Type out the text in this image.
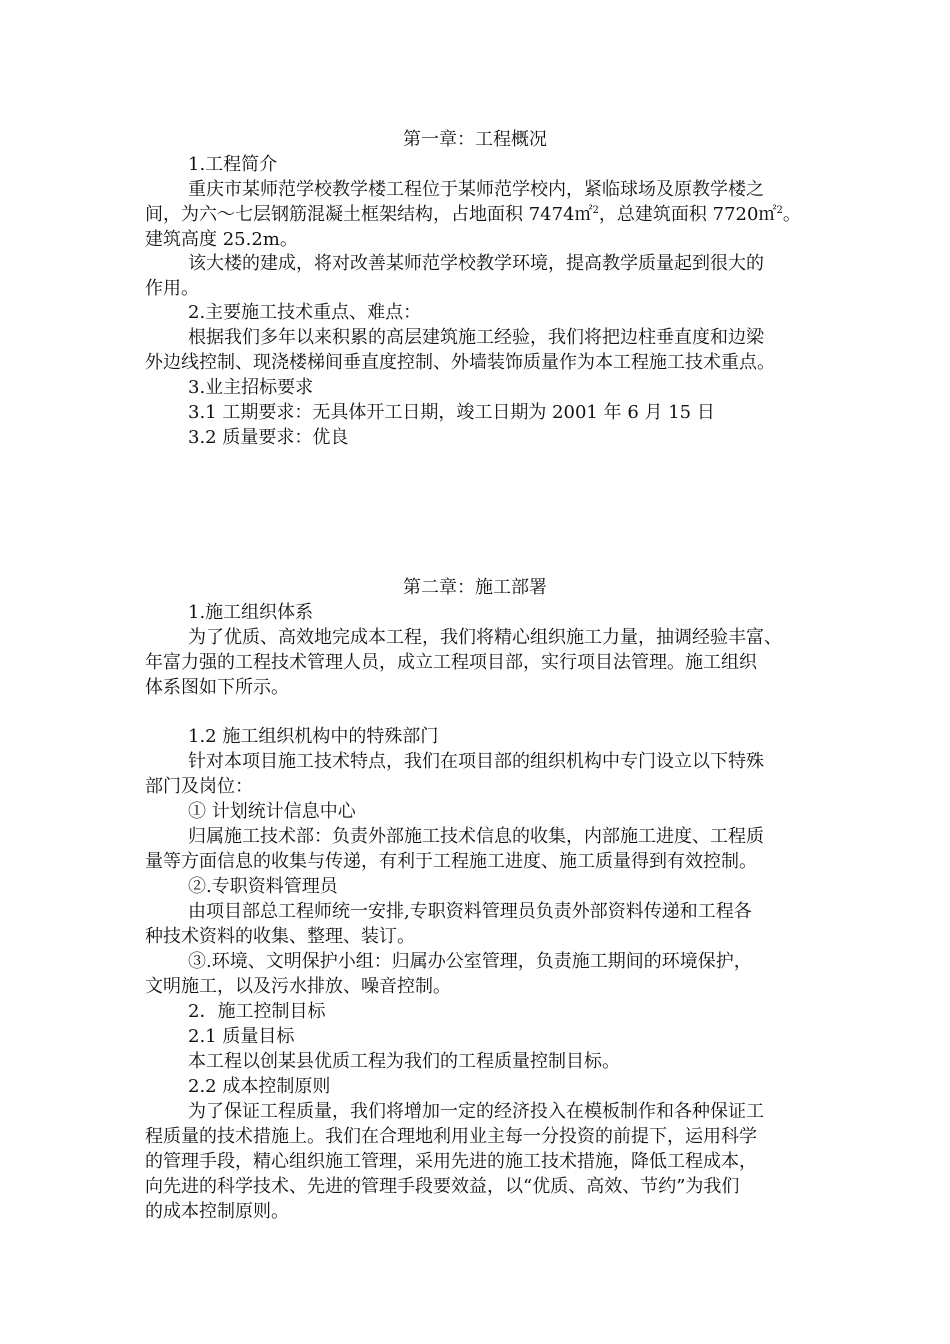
第一章：工程概况
1.工程简介
重庆市某师范学校教学楼工程位于某师范学校内，紧临球场及原教学楼之
间，为六～七层钢筋混凝土框架结构，占地面积 7474㎡$^2$，总建筑面积 7720㎡$^2$。
建筑高度 25.2m。
该大楼的建成，将对改善某师范学校教学环境，提高教学质量起到很大的
作用。
2.主要施工技术重点、难点：
根据我们多年以来积累的高层建筑施工经验，我们将把边柱垂直度和边梁
外边线控制、现浇楼梯间垂直度控制、外墙装饰质量作为本工程施工技术重点。
3.业主招标要求
3.1 工期要求：无具体开工日期，竣工日期为 2001 年 6 月 15 日
3.2 质量要求：优良
第二章：施工部署
1.施工组织体系
为了优质、高效地完成本工程，我们将精心组织施工力量，抽调经验丰富、
年富力强的工程技术管理人员，成立工程项目部，实行项目法管理。施工组织
体系图如下所示。
1.2 施工组织机构中的特殊部门
针对本项目施工技术特点，我们在项目部的组织机构中专门设立以下特殊
部门及岗位：
① 计划统计信息中心
归属施工技术部：负责外部施工技术信息的收集，内部施工进度、工程质
量等方面信息的收集与传递，有利于工程施工进度、施工质量得到有效控制。
②.专职资料管理员
由项目部总工程师统一安排,专职资料管理员负责外部资料传递和工程各
种技术资料的收集、整理、装订。
③.环境、文明保护小组：归属办公室管理，负责施工期间的环境保护，
文明施工，以及污水排放、噪音控制。
2．施工控制目标
2.1 质量目标
本工程以创某县优质工程为我们的工程质量控制目标。
2.2 成本控制原则
为了保证工程质量，我们将增加一定的经济投入在模板制作和各种保证工
程质量的技术措施上。我们在合理地利用业主每一分投资的前提下，运用科学
的管理手段，精心组织施工管理，采用先进的施工技术措施，降低工程成本，
向先进的科学技术、先进的管理手段要效益，以“优质、高效、节约”为我们
的成本控制原则。
